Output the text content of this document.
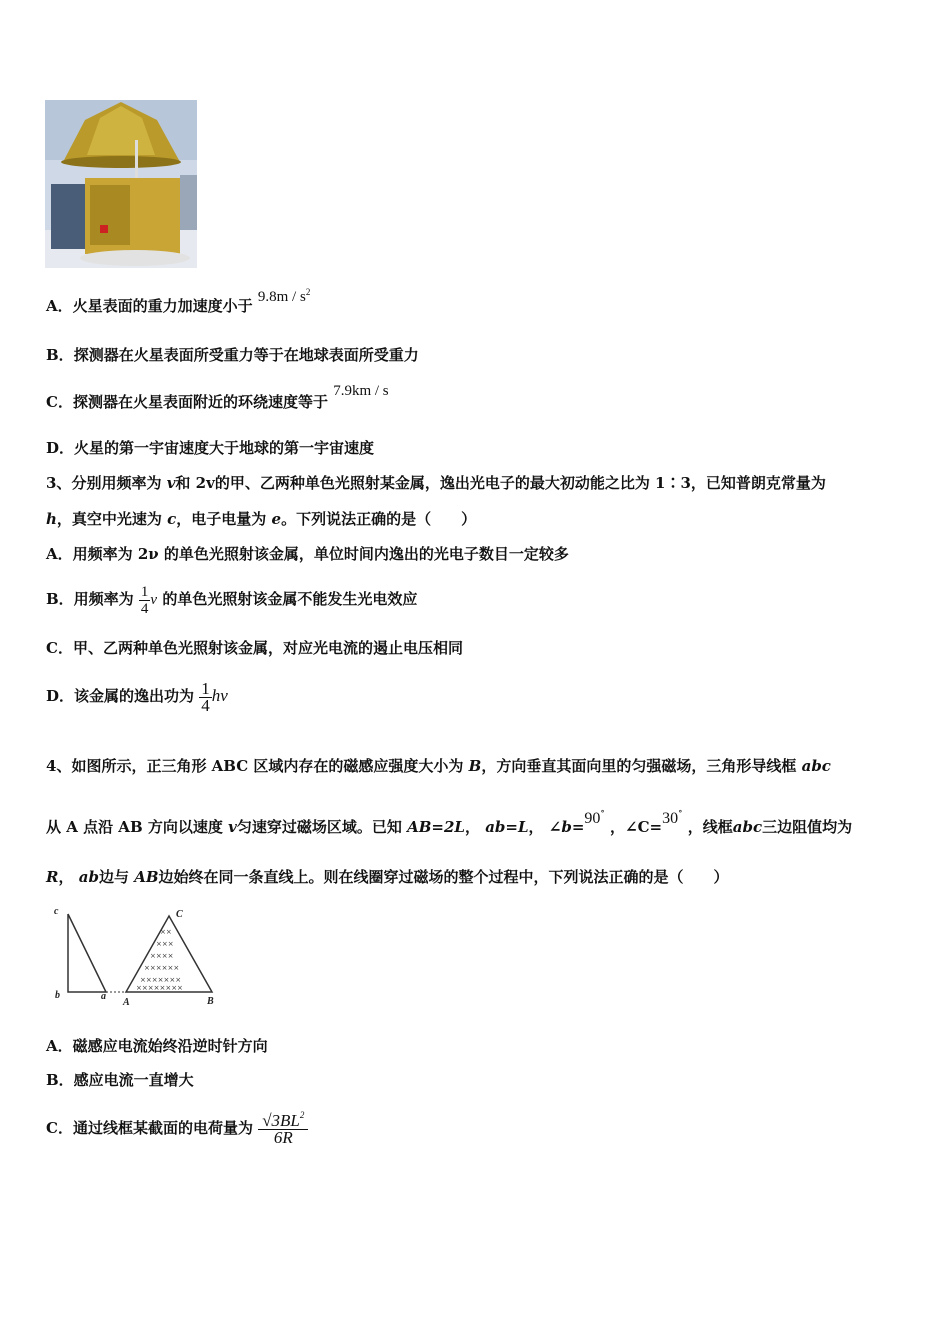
A．火星表面的重力加速度小于 $9.8m / s^2$
B．探测器在火星表面所受重力等于在地球表面所受重力
C．探测器在火星表面附近的环绕速度等于 7.9km / s
D．火星的第一宇宙速度大于地球的第一宇宙速度
3、分别用频率为 v和 2v的甲、乙两种单色光照射某金属，逸出光电子的最大初动能之比为 1∶3，已知普朗克常量为
h，真空中光速为 c，电子电量为 e。下列说法正确的是（　　）
A．用频率为 2ν 的单色光照射该金属，单位时间内逸出的光电子数目一定较多
B．用频率为 $\frac{1}{4}$ ν 的单色光照射该金属不能发生光电效应
C．甲、乙两种单色光照射该金属，对应光电流的遏止电压相同
D．该金属的逸出功为 $\frac{1}{4}$ hν
4、如图所示，正三角形 ABC 区域内存在的磁感应强度大小为 B，方向垂直其面向里的匀强磁场，三角形导线框 abc
从 A 点沿 AB 方向以速度 v匀速穿过磁场区域。已知 AB=2L， ab=L， ∠b=90∘ ，∠C=30∘ ，线框abc三边阻值均为
R， ab边与 AB边始终在同一条直线上。则在线圈穿过磁场的整个过程中，下列说法正确的是（　　）
c
b	a
A	B
C
××
×××
××××
××××××
×××××××
××××××××
A．磁感应电流始终沿逆时针方向
B．感应电流一直增大
C．通过线框某截面的电荷量为 $\frac{√3BL^2}{6R}$
